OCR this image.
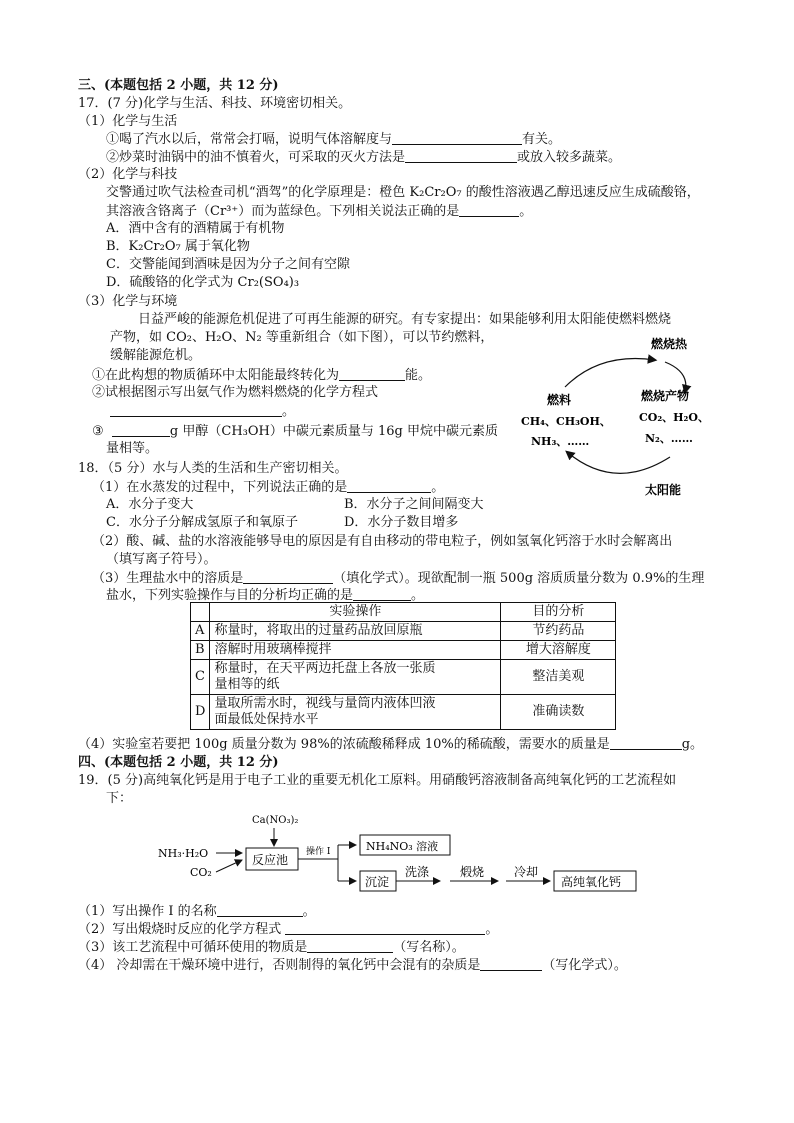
三、(本题包括 2 小题，共 12 分)
17．(7 分)化学与生活、科技、环境密切相关。
（1）化学与生活
①喝了汽水以后，常常会打嗝，说明气体溶解度与	有关。
②炒菜时油锅中的油不慎着火，可采取的灭火方法是	或放入较多蔬菜。
（2）化学与科技
交警通过吹气法检查司机“酒驾”的化学原理是：橙色 K₂Cr₂O₇ 的酸性溶液遇乙醇迅速反应生成硫酸铬，
其溶液含铬离子（Cr³⁺）而为蓝绿色。下列相关说法正确的是	。
A．酒中含有的酒精属于有机物
B．K₂Cr₂O₇ 属于氧化物
C．交警能闻到酒味是因为分子之间有空隙
D．硫酸铬的化学式为 Cr₂(SO₄)₃
（3）化学与环境
日益严峻的能源危机促进了可再生能源的研究。有专家提出：如果能够利用太阳能使燃料燃烧
产物，如 CO₂、H₂O、N₂ 等重新组合（如下图），可以节约燃料，
缓解能源危机。
①在此构想的物质循环中太阳能最终转化为	能。
②试根据图示写出氨气作为燃料燃烧的化学方程式
。
③	g 甲醇（CH₃OH）中碳元素质量与 16g 甲烷中碳元素质
量相等。
燃烧热
燃料
CH₄、CH₃OH、
NH₃、……
燃烧产物
CO₂、H₂O、
N₂、……
太阳能
18．（5 分）水与人类的生活和生产密切相关。
（1）在水蒸发的过程中，下列说法正确的是	。
A．水分子变大	B．水分子之间间隔变大
C．水分子分解成氢原子和氧原子	D．水分子数目增多
（2）酸、碱、盐的水溶液能够导电的原因是有自由移动的带电粒子，例如氢氧化钙溶于水时会解离出
（填写离子符号）。
（3）生理盐水中的溶质是	（填化学式）。现欲配制一瓶 500g 溶质质量分数为 0.9%的生理
盐水，下列实验操作与目的分析均正确的是	。
	实验操作	目的分析
A	称量时，将取出的过量药品放回原瓶	节约药品
B	溶解时用玻璃棒搅拌	增大溶解度
C	称量时，在天平两边托盘上各放一张质
量相等的纸	整洁美观
D	量取所需水时，视线与量筒内液体凹液
面最低处保持水平	准确读数
（4）实验室若要把 100g 质量分数为 98%的浓硫酸稀释成 10%的稀硫酸，需要水的质量是	g。
四、(本题包括 2 小题，共 12 分)
19．(5 分)高纯氧化钙是用于电子工业的重要无机化工原料。用硝酸钙溶液制备高纯氧化钙的工艺流程如
下：
Ca(NO₃)₂
NH₃·H₂O
CO₂
反应池
操作 I	NH₄NO₃ 溶液
沉淀
洗涤	煅烧 冷却
高纯氧化钙
（1）写出操作 I 的名称	。
（2）写出煅烧时反应的化学方程式	。
（3）该工艺流程中可循环使用的物质是	（写名称）。
（4） 冷却需在干燥环境中进行，否则制得的氧化钙中会混有的杂质是	（写化学式）。
